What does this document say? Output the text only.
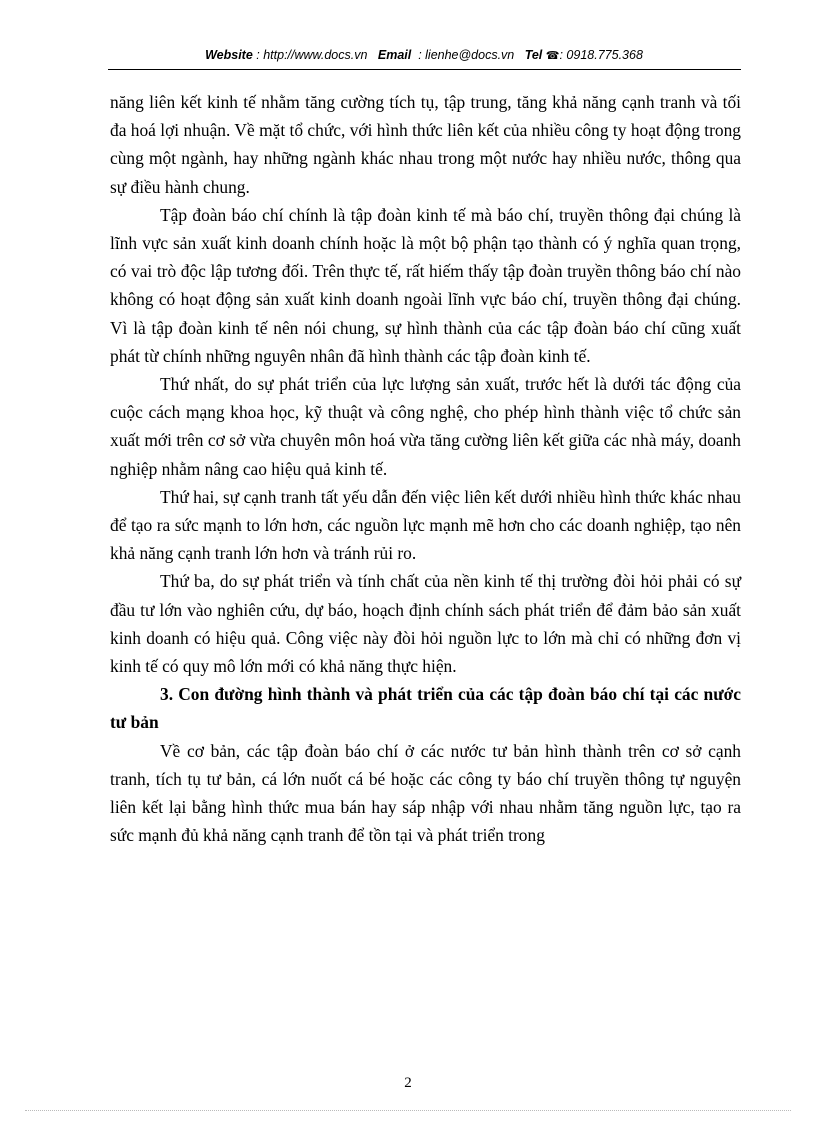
Website : http://www.docs.vn Email : lienhe@docs.vn Tel ☎: 0918.775.368

năng liên kết kinh tế nhằm tăng cường tích tụ, tập trung, tăng khả năng cạnh tranh và tối đa hoá lợi nhuận. Về mặt tổ chức, với hình thức liên kết của nhiều công ty hoạt động trong cùng một ngành, hay những ngành khác nhau trong một nước hay nhiều nước, thông qua sự điều hành chung.

Tập đoàn báo chí chính là tập đoàn kinh tế mà báo chí, truyền thông đại chúng là lĩnh vực sản xuất kinh doanh chính hoặc là một bộ phận tạo thành có ý nghĩa quan trọng, có vai trò độc lập tương đối. Trên thực tế, rất hiếm thấy tập đoàn truyền thông báo chí nào không có hoạt động sản xuất kinh doanh ngoài lĩnh vực báo chí, truyền thông đại chúng. Vì là tập đoàn kinh tế nên nói chung, sự hình thành của các tập đoàn báo chí cũng xuất phát từ chính những nguyên nhân đã hình thành các tập đoàn kinh tế.

Thứ nhất, do sự phát triển của lực lượng sản xuất, trước hết là dưới tác động của cuộc cách mạng khoa học, kỹ thuật và công nghệ, cho phép hình thành việc tổ chức sản xuất mới trên cơ sở vừa chuyên môn hoá vừa tăng cường liên kết giữa các nhà máy, doanh nghiệp nhằm nâng cao hiệu quả kinh tế.

Thứ hai, sự cạnh tranh tất yếu dẫn đến việc liên kết dưới nhiều hình thức khác nhau để tạo ra sức mạnh to lớn hơn, các nguồn lực mạnh mẽ hơn cho các doanh nghiệp, tạo nên khả năng cạnh tranh lớn hơn và tránh rủi ro.

Thứ ba, do sự phát triển và tính chất của nền kinh tế thị trường đòi hỏi phải có sự đầu tư lớn vào nghiên cứu, dự báo, hoạch định chính sách phát triển để đảm bảo sản xuất kinh doanh có hiệu quả. Công việc này đòi hỏi nguồn lực to lớn mà chỉ có những đơn vị kinh tế có quy mô lớn mới có khả năng thực hiện.

3. Con đường hình thành và phát triển của các tập đoàn báo chí tại các nước tư bản

Về cơ bản, các tập đoàn báo chí ở các nước tư bản hình thành trên cơ sở cạnh tranh, tích tụ tư bản, cá lớn nuốt cá bé hoặc các công ty báo chí truyền thông tự nguyện liên kết lại bằng hình thức mua bán hay sáp nhập với nhau nhằm tăng nguồn lực, tạo ra sức mạnh đủ khả năng cạnh tranh để tồn tại và phát triển trong

2
